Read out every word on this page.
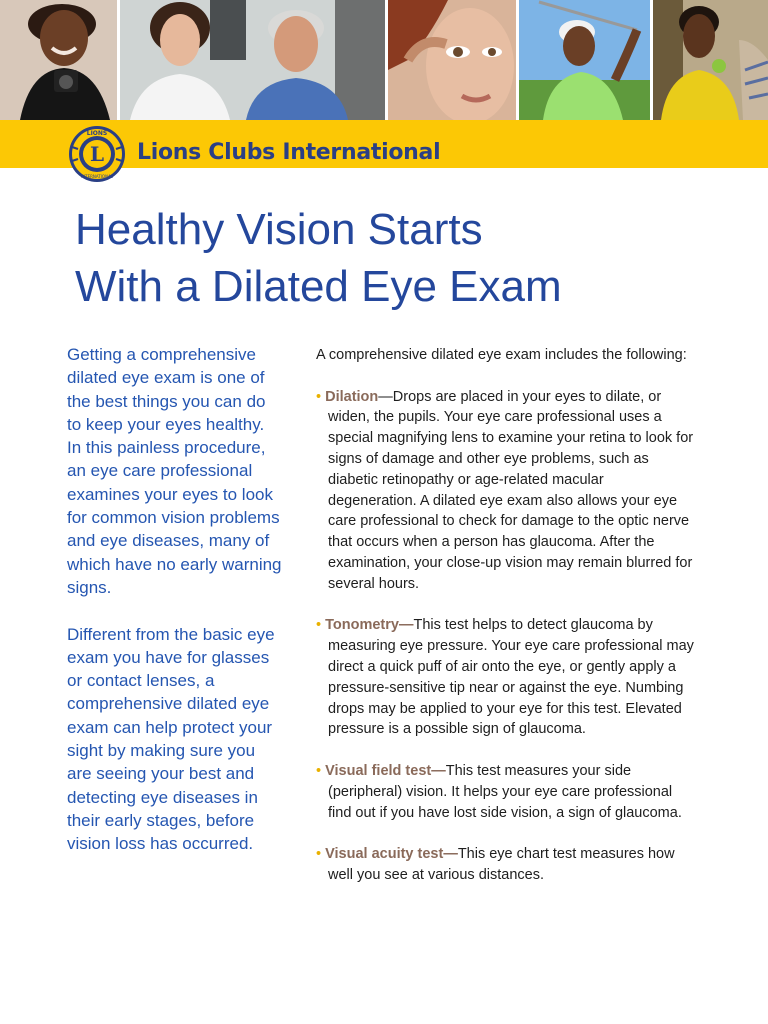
L
LIONS
INTERNATIONAL
Lions Clubs International
Healthy Vision Starts
With a Dilated Eye Exam

Getting a comprehensive dilated eye exam is one of the best things you can do to keep your eyes healthy. In this painless procedure, an eye care professional examines your eyes to look for common vision problems and eye diseases, many of which have no early warning signs.

Different from the basic eye exam you have for glasses or contact lenses, a comprehensive dilated eye exam can help protect your sight by making sure you are seeing your best and detecting eye diseases in their early stages, before vision loss has occurred.

A comprehensive dilated eye exam includes the following:

• Dilation—Drops are placed in your eyes to dilate, or widen, the pupils. Your eye care professional uses a special magnifying lens to examine your retina to look for signs of damage and other eye problems, such as diabetic retinopathy or age-related macular degeneration. A dilated eye exam also allows your eye care professional to check for damage to the optic nerve that occurs when a person has glaucoma. After the examination, your close-up vision may remain blurred for several hours.

• Tonometry—This test helps to detect glaucoma by measuring eye pressure. Your eye care professional may direct a quick puff of air onto the eye, or gently apply a pressure-sensitive tip near or against the eye. Numbing drops may be applied to your eye for this test. Elevated pressure is a possible sign of glaucoma.

• Visual field test—This test measures your side (peripheral) vision. It helps your eye care professional find out if you have lost side vision, a sign of glaucoma.

• Visual acuity test—This eye chart test measures how well you see at various distances.
